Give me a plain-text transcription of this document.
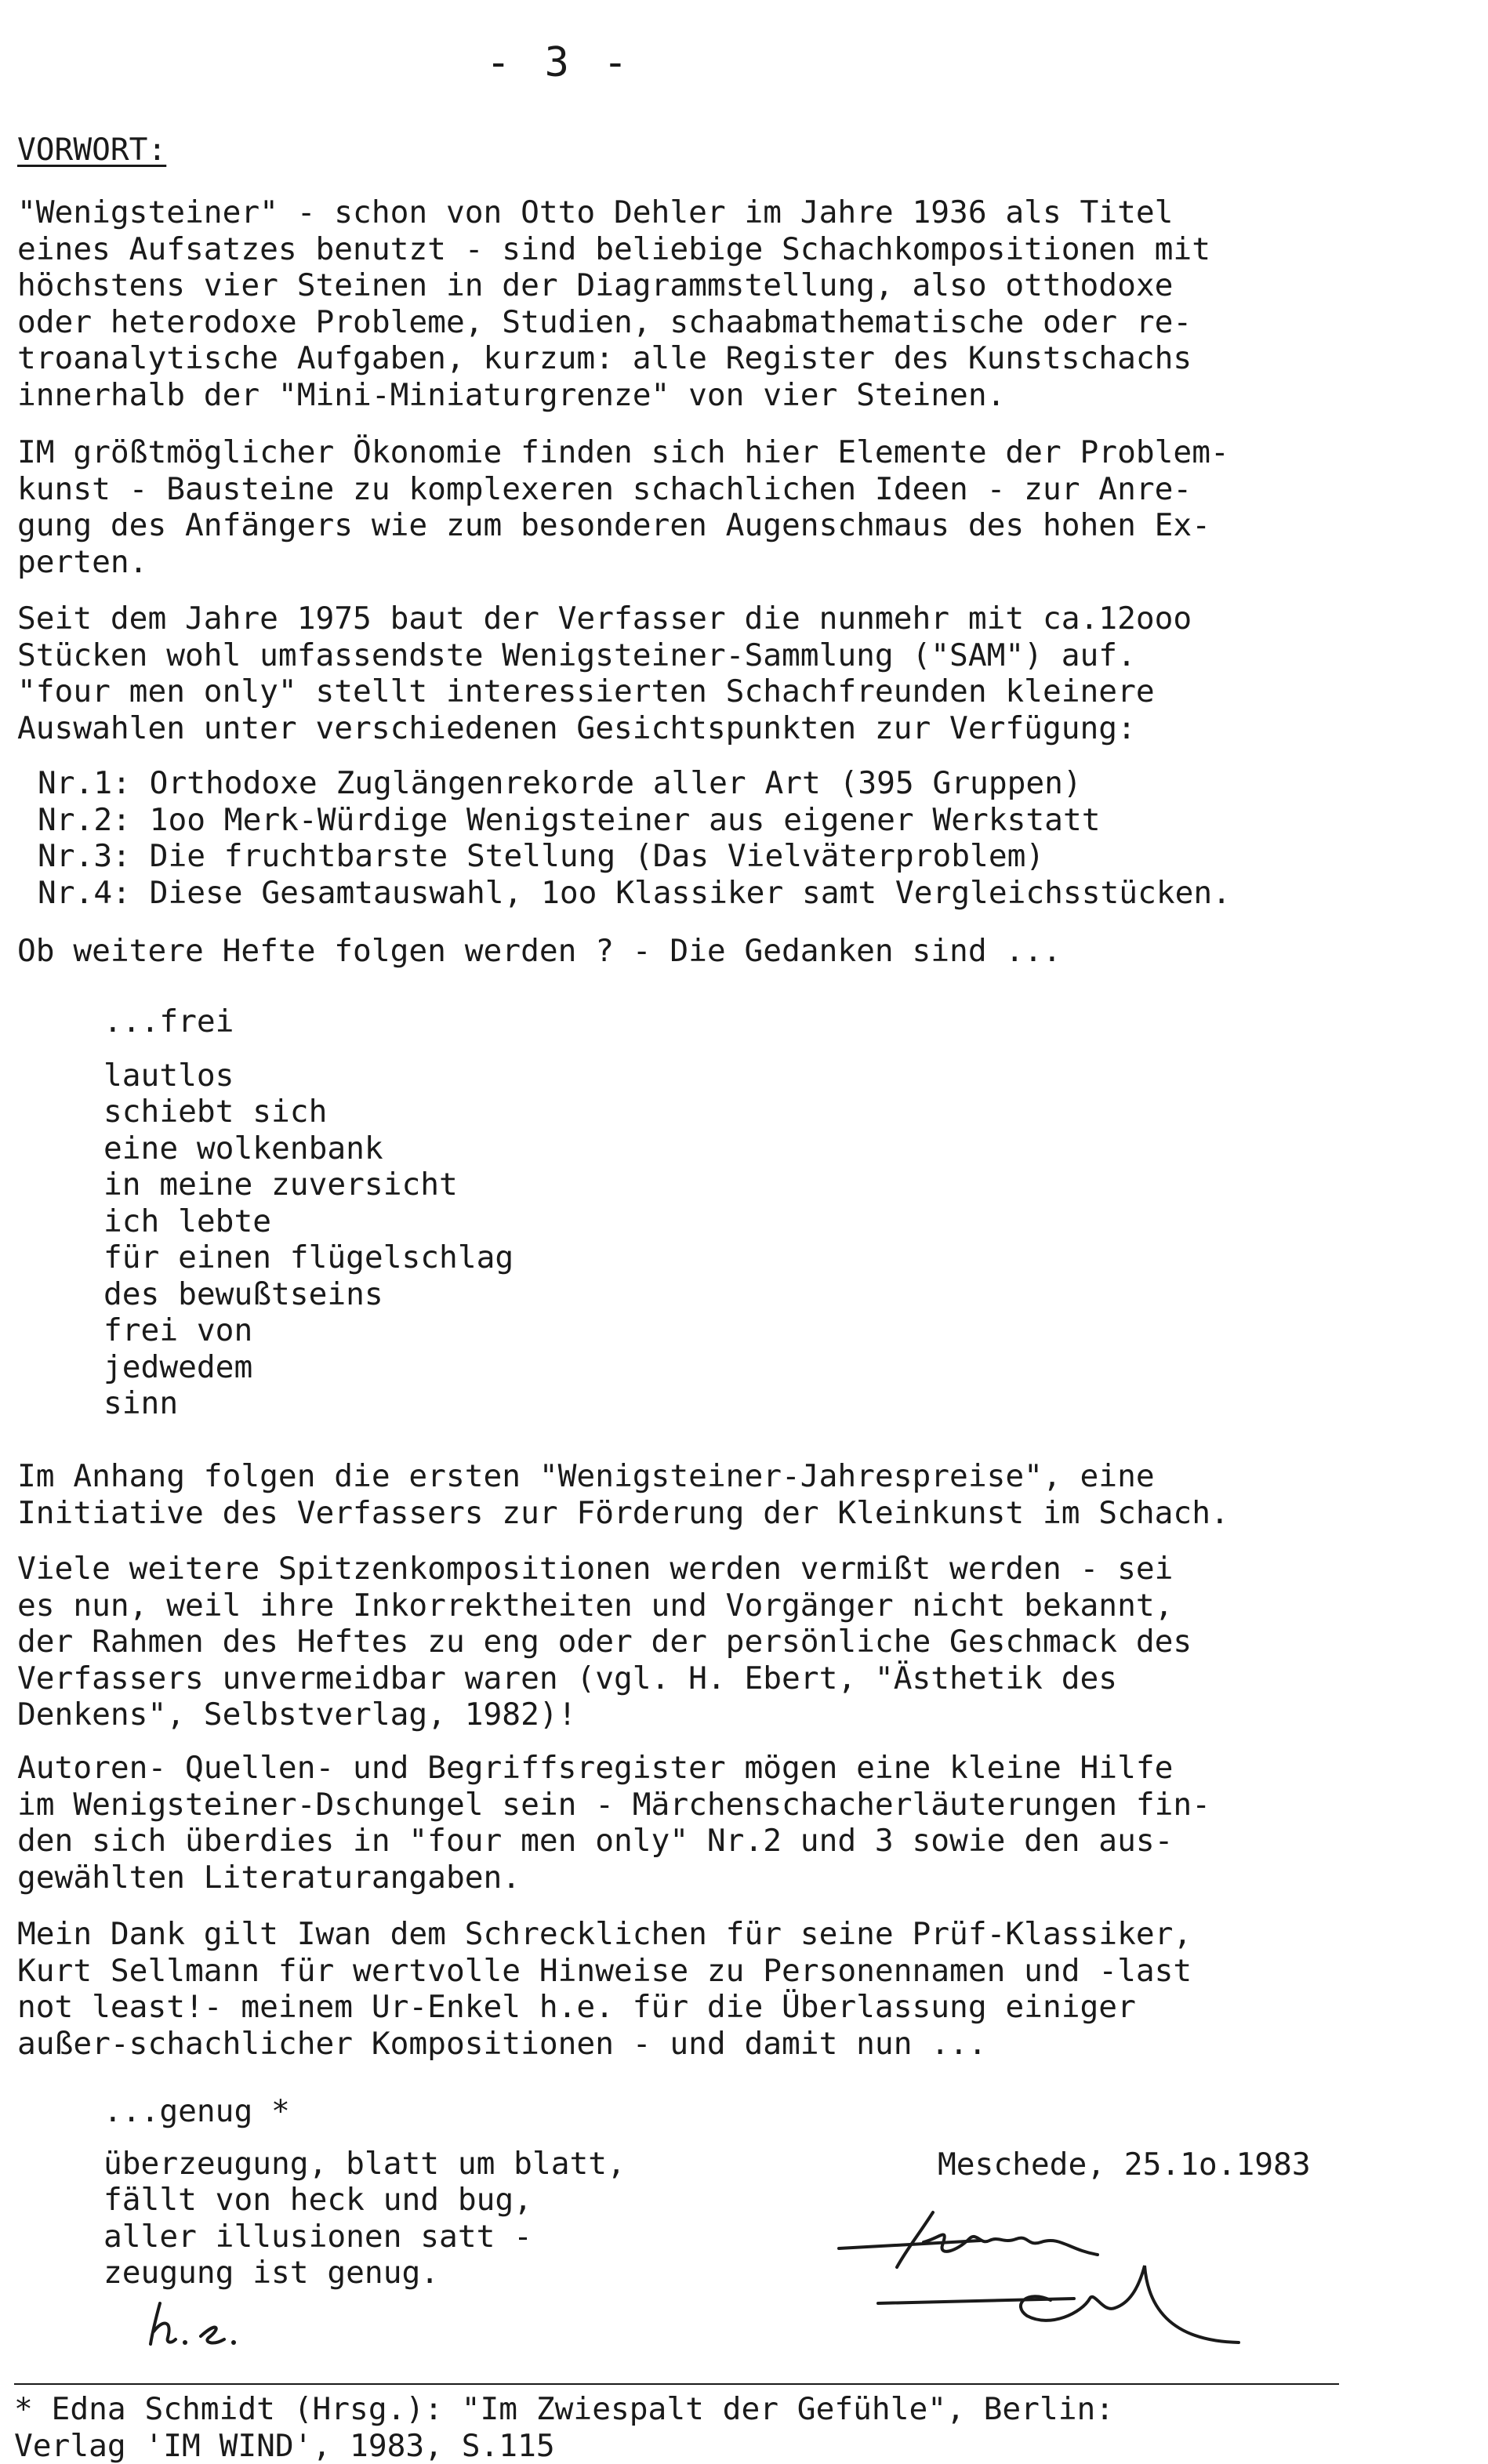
- 3 -
VORWORT:
"Wenigsteiner" - schon von Otto Dehler im Jahre 1936 als Titel
eines Aufsatzes benutzt - sind beliebige Schachkompositionen mit
höchstens vier Steinen in der Diagrammstellung, also otthodoxe
oder heterodoxe Probleme, Studien, schaabmathematische oder re-
troanalytische Aufgaben, kurzum: alle Register des Kunstschachs
innerhalb der "Mini-Miniaturgrenze" von vier Steinen.
IM größtmöglicher Ökonomie finden sich hier Elemente der Problem-
kunst - Bausteine zu komplexeren schachlichen Ideen - zur Anre-
gung des Anfängers wie zum besonderen Augenschmaus des hohen Ex-
perten.
Seit dem Jahre 1975 baut der Verfasser die nunmehr mit ca.12ooo
Stücken wohl umfassendste Wenigsteiner-Sammlung ("SAM") auf.
"four men only" stellt interessierten Schachfreunden kleinere
Auswahlen unter verschiedenen Gesichtspunkten zur Verfügung:
Nr.1: Orthodoxe Zuglängenrekorde aller Art (395 Gruppen)
Nr.2: 1oo Merk-Würdige Wenigsteiner aus eigener Werkstatt
Nr.3: Die fruchtbarste Stellung (Das Vielväterproblem)
Nr.4: Diese Gesamtauswahl, 1oo Klassiker samt Vergleichsstücken.
Ob weitere Hefte folgen werden ? - Die Gedanken sind ...
...frei
lautlos
schiebt sich
eine wolkenbank
in meine zuversicht
ich lebte
für einen flügelschlag
des bewußtseins
frei von
jedwedem
sinn
Im Anhang folgen die ersten "Wenigsteiner-Jahrespreise", eine
Initiative des Verfassers zur Förderung der Kleinkunst im Schach.
Viele weitere Spitzenkompositionen werden vermißt werden - sei
es nun, weil ihre Inkorrektheiten und Vorgänger nicht bekannt,
der Rahmen des Heftes zu eng oder der persönliche Geschmack des
Verfassers unvermeidbar waren (vgl. H. Ebert, "Ästhetik des
Denkens", Selbstverlag, 1982)!
Autoren- Quellen- und Begriffsregister mögen eine kleine Hilfe
im Wenigsteiner-Dschungel sein - Märchenschacherläuterungen fin-
den sich überdies in "four men only" Nr.2 und 3 sowie den aus-
gewählten Literaturangaben.
Mein Dank gilt Iwan dem Schrecklichen für seine Prüf-Klassiker,
Kurt Sellmann für wertvolle Hinweise zu Personennamen und -last
not least!- meinem Ur-Enkel h.e. für die Überlassung einiger
außer-schachlicher Kompositionen - und damit nun ...
...genug *
überzeugung, blatt um blatt,
fällt von heck und bug,
aller illusionen satt -
zeugung ist genug.
Meschede, 25.1o.1983
* Edna Schmidt (Hrsg.): "Im Zwiespalt der Gefühle", Berlin:
Verlag 'IM WIND', 1983, S.115
